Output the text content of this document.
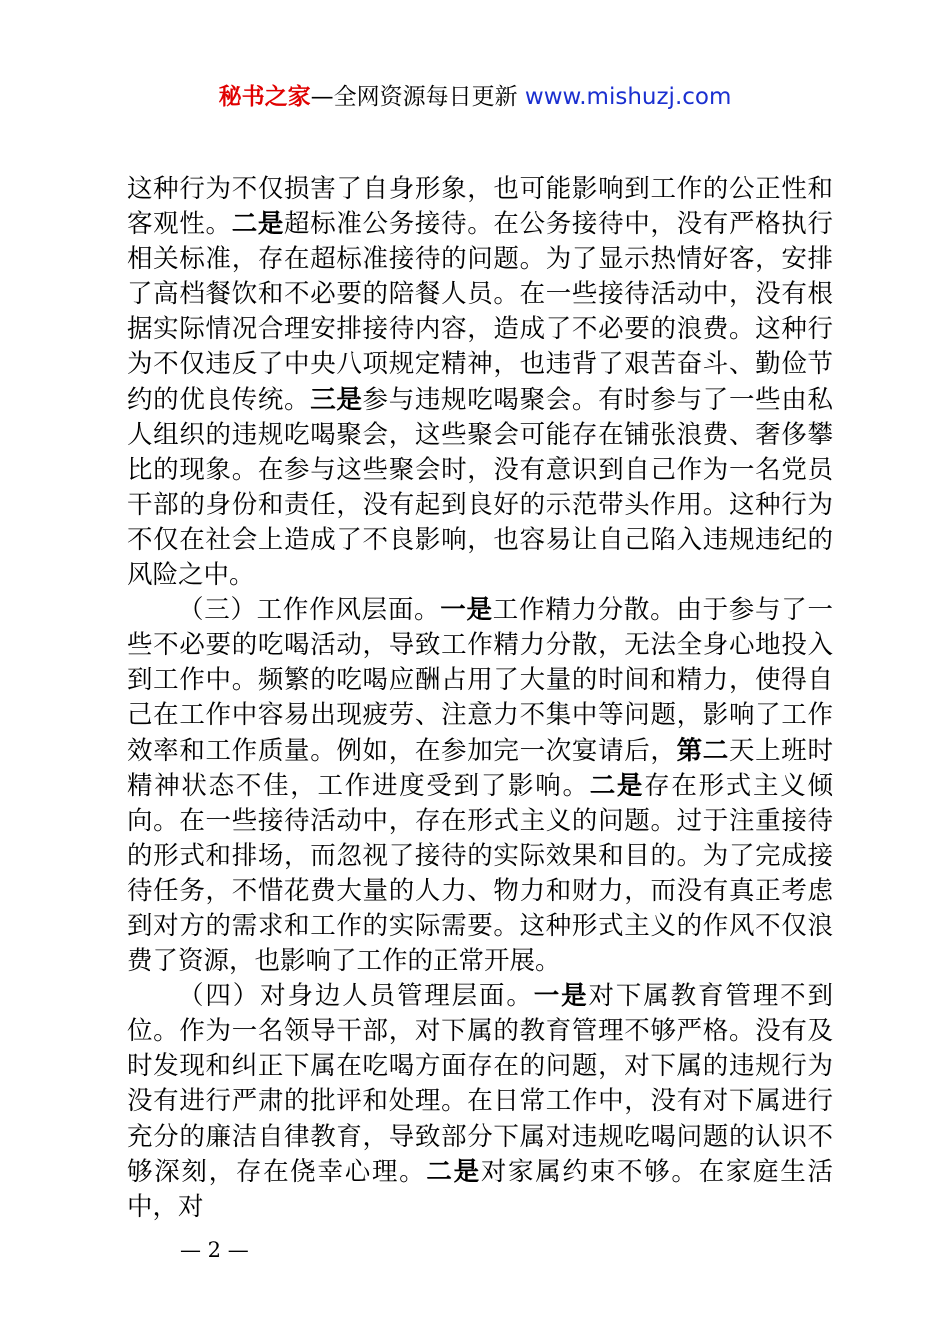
秘书之家—全网资源每日更新 www.mishuzj.com

这种行为不仅损害了自身形象，也可能影响到工作的公正性和客观性。二是超标准公务接待。在公务接待中，没有严格执行相关标准，存在超标准接待的问题。为了显示热情好客，安排了高档餐饮和不必要的陪餐人员。在一些接待活动中，没有根据实际情况合理安排接待内容，造成了不必要的浪费。这种行为不仅违反了中央八项规定精神，也违背了艰苦奋斗、勤俭节约的优良传统。三是参与违规吃喝聚会。有时参与了一些由私人组织的违规吃喝聚会，这些聚会可能存在铺张浪费、奢侈攀比的现象。在参与这些聚会时，没有意识到自己作为一名党员干部的身份和责任，没有起到良好的示范带头作用。这种行为不仅在社会上造成了不良影响，也容易让自己陷入违规违纪的风险之中。

（三）工作作风层面。一是工作精力分散。由于参与了一些不必要的吃喝活动，导致工作精力分散，无法全身心地投入到工作中。频繁的吃喝应酬占用了大量的时间和精力，使得自己在工作中容易出现疲劳、注意力不集中等问题，影响了工作效率和工作质量。例如，在参加完一次宴请后，第二天上班时精神状态不佳，工作进度受到了影响。二是存在形式主义倾向。在一些接待活动中，存在形式主义的问题。过于注重接待的形式和排场，而忽视了接待的实际效果和目的。为了完成接待任务，不惜花费大量的人力、物力和财力，而没有真正考虑到对方的需求和工作的实际需要。这种形式主义的作风不仅浪费了资源，也影响了工作的正常开展。

（四）对身边人员管理层面。一是对下属教育管理不到位。作为一名领导干部，对下属的教育管理不够严格。没有及时发现和纠正下属在吃喝方面存在的问题，对下属的违规行为没有进行严肃的批评和处理。在日常工作中，没有对下属进行充分的廉洁自律教育，导致部分下属对违规吃喝问题的认识不够深刻，存在侥幸心理。二是对家属约束不够。在家庭生活中，对

— 2 —
